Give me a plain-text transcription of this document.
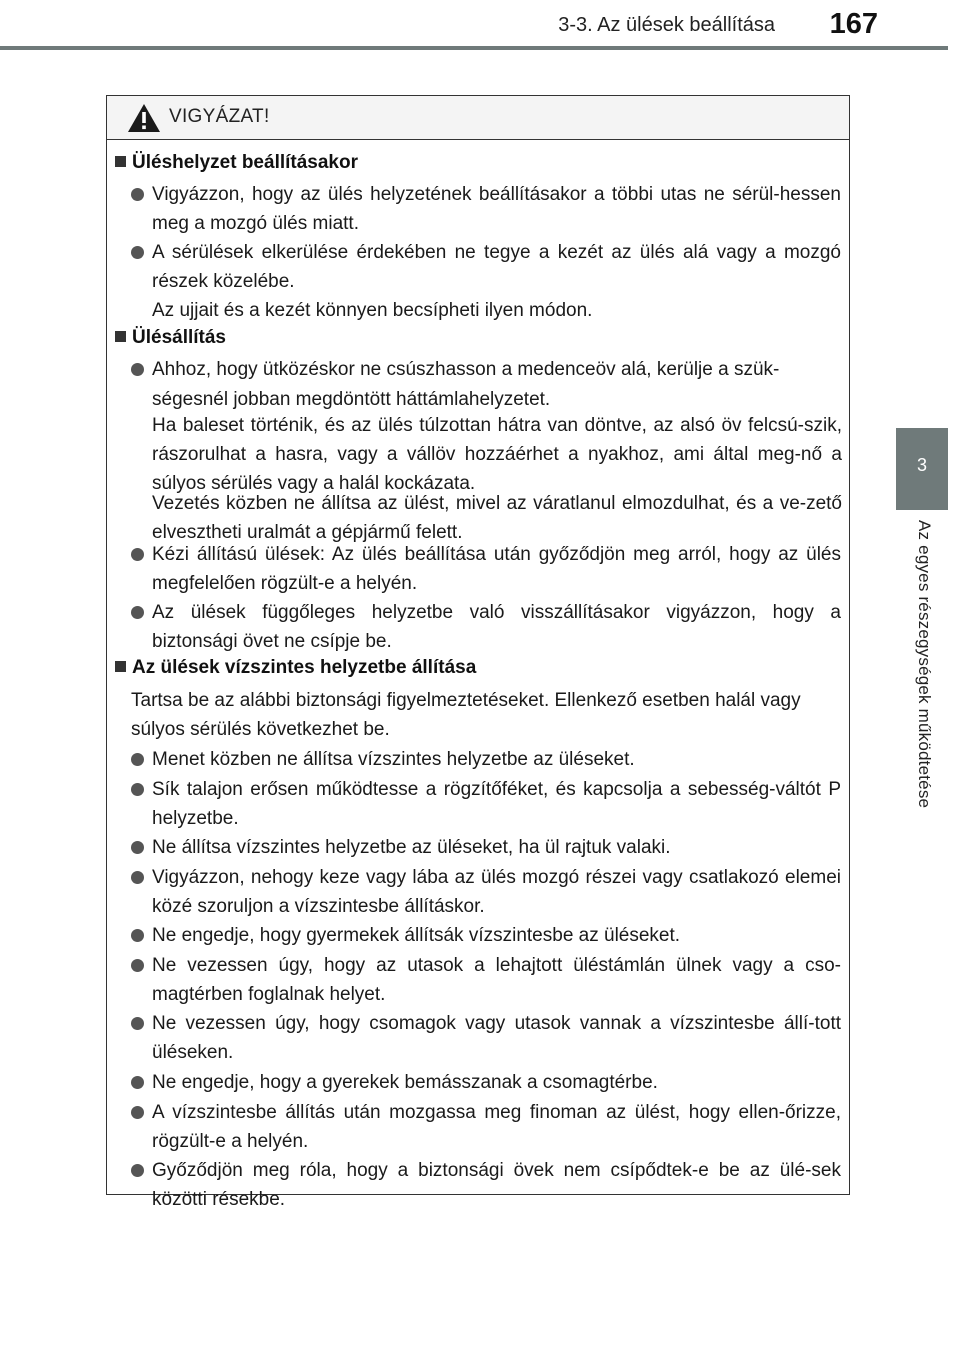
3-3. Az ülések beállítása 167
3
Az egyes részegységek működtetése
VIGYÁZAT!
Üléshelyzet beállításakor
Vigyázzon, hogy az ülés helyzetének beállításakor a többi utas ne sérül-hessen meg a mozgó ülés miatt.
A sérülések elkerülése érdekében ne tegye a kezét az ülés alá vagy a mozgó részek közelébe.
Az ujjait és a kezét könnyen becsípheti ilyen módon.
Ülésállítás
Ahhoz, hogy ütközéskor ne csúszhasson a medenceöv alá, kerülje a szük-
ségesnél jobban megdöntött háttámlahelyzetet.
Ha baleset történik, és az ülés túlzottan hátra van döntve, az alsó öv felcsú-szik, rászorulhat a hasra, vagy a vállöv hozzáérhet a nyakhoz, ami által meg-nő a súlyos sérülés vagy a halál kockázata.
Vezetés közben ne állítsa az ülést, mivel az váratlanul elmozdulhat, és a ve-zető elvesztheti uralmát a gépjármű felett.
Kézi állítású ülések: Az ülés beállítása után győződjön meg arról, hogy az ülés megfelelően rögzült-e a helyén.
Az ülések függőleges helyzetbe való visszállításakor vigyázzon, hogy a biztonsági övet ne csípje be.
Az ülések vízszintes helyzetbe állítása
Tartsa be az alábbi biztonsági figyelmeztetéseket. Ellenkező esetben halál vagy súlyos sérülés következhet be.
Menet közben ne állítsa vízszintes helyzetbe az üléseket.
Sík talajon erősen működtesse a rögzítőféket, és kapcsolja a sebesség-váltót P helyzetbe.
Ne állítsa vízszintes helyzetbe az üléseket, ha ül rajtuk valaki.
Vigyázzon, nehogy keze vagy lába az ülés mozgó részei vagy csatlakozó elemei közé szoruljon a vízszintesbe állításkor.
Ne engedje, hogy gyermekek állítsák vízszintesbe az üléseket.
Ne vezessen úgy, hogy az utasok a lehajtott üléstámlán ülnek vagy a cso-magtérben foglalnak helyet.
Ne vezessen úgy, hogy csomagok vagy utasok vannak a vízszintesbe állí-tott üléseken.
Ne engedje, hogy a gyerekek bemásszanak a csomagtérbe.
A vízszintesbe állítás után mozgassa meg finoman az ülést, hogy ellen-őrizze, rögzült-e a helyén.
Győződjön meg róla, hogy a biztonsági övek nem csípődtek-e be az ülé-sek közötti résekbe.
